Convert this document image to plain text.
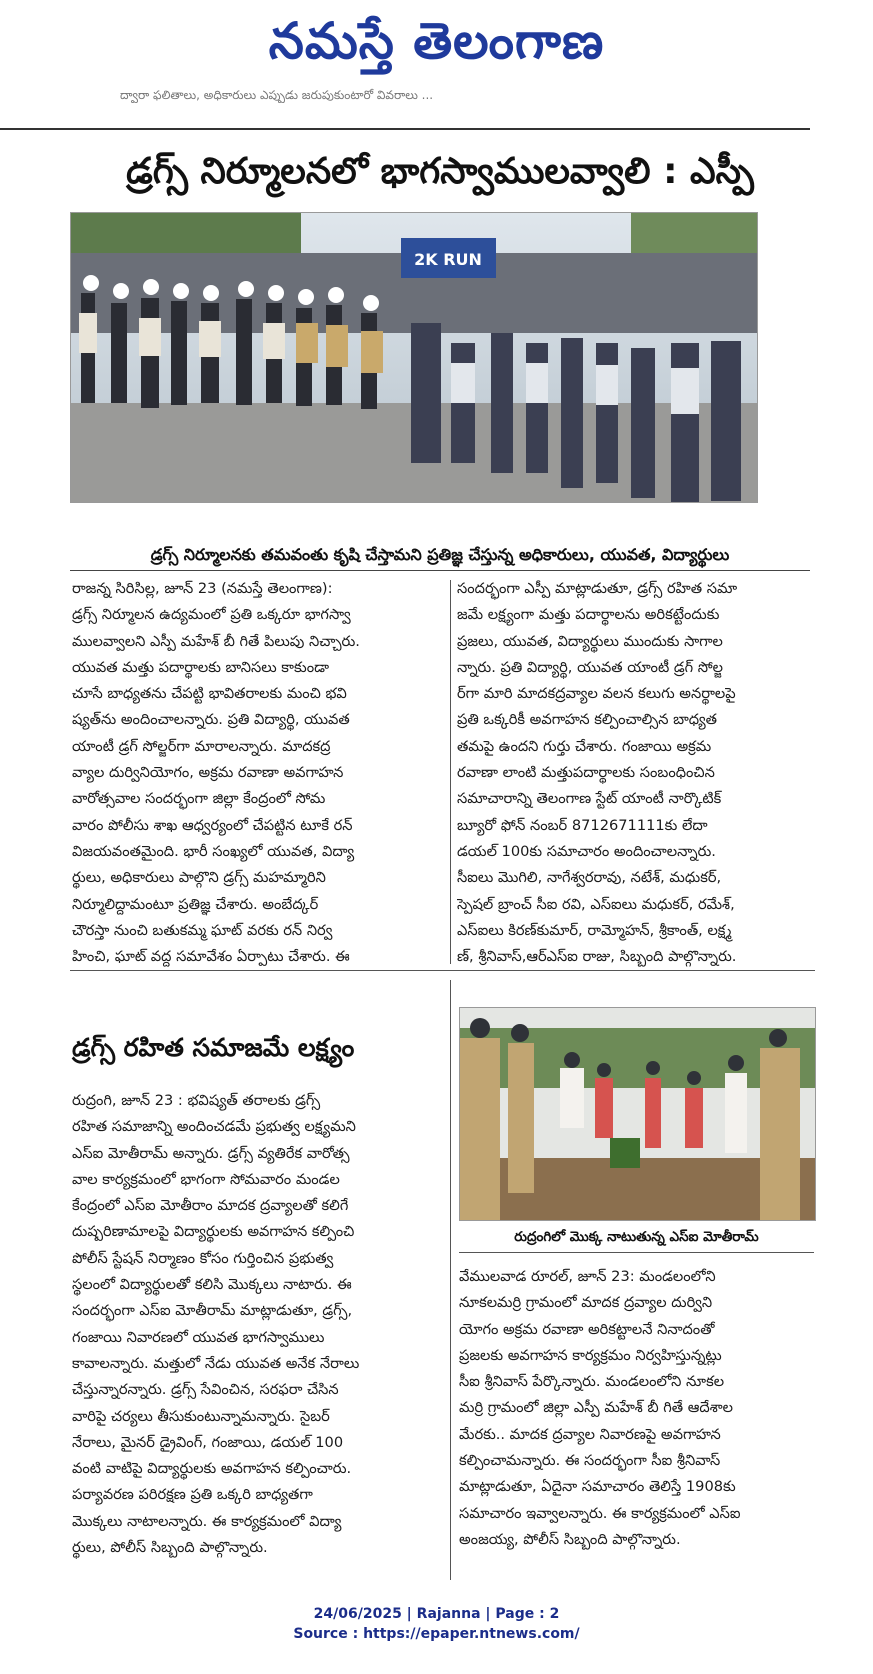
నమస్తే తెలంగాణ
ద్వారా ఫలితాలు, అధికారులు ఎప్పుడు జరుపుకుంటారో వివరాలు ...
డ్రగ్స్ నిర్మూలనలో భాగస్వాములవ్వాలి : ఎస్పీ
2K RUN
డ్రగ్స్ నిర్మూలనకు తమవంతు కృషి చేస్తామని ప్రతిజ్ఞ చేస్తున్న అధికారులు, యువత, విద్యార్థులు
రాజన్న సిరిసిల్ల, జూన్ 23 (నమస్తే తెలంగాణ):
డ్రగ్స్ నిర్మూలన ఉద్యమంలో ప్రతి ఒక్కరూ భాగస్వా
ములవ్వాలని ఎస్పీ మహేశ్ బీ గితే పిలుపు నిచ్చారు.
యువత మత్తు పదార్థాలకు బానిసలు కాకుండా
చూసే బాధ్యతను చేపట్టి భావితరాలకు మంచి భవి
ష్యత్‌ను అందించాలన్నారు. ప్రతి విద్యార్థి, యువత
యాంటీ డ్రగ్ సోల్జర్‌గా మారాలన్నారు. మాదకద్ర
వ్యాల దుర్వినియోగం, అక్రమ రవాణా అవగాహన
వారోత్సవాల సందర్భంగా జిల్లా కేంద్రంలో సోమ
వారం పోలీసు శాఖ ఆధ్వర్యంలో చేపట్టిన టూకే రన్
విజయవంతమైంది. భారీ సంఖ్యలో యువత, విద్యా
ర్థులు, అధికారులు పాల్గొని డ్రగ్స్ మహమ్మారిని
నిర్మూలిద్దామంటూ ప్రతిజ్ఞ చేశారు. అంబేద్కర్
చౌరస్తా నుంచి బతుకమ్మ ఘాట్ వరకు రన్ నిర్వ
హించి, ఘాట్ వద్ద సమావేశం ఏర్పాటు చేశారు. ఈ
సందర్భంగా ఎస్పీ మాట్లాడుతూ, డ్రగ్స్ రహిత సమా
జమే లక్ష్యంగా మత్తు పదార్థాలను అరికట్టేందుకు
ప్రజలు, యువత, విద్యార్థులు ముందుకు సాగాల
న్నారు. ప్రతి విద్యార్థి, యువత యాంటీ డ్రగ్ సోల్జ
ర్‌గా మారి మాదకద్రవ్యాల వలన కలుగు అనర్థాలపై
ప్రతి ఒక్కరికీ అవగాహన కల్పించాల్సిన బాధ్యత
తమపై ఉందని గుర్తు చేశారు. గంజాయి అక్రమ
రవాణా లాంటి మత్తుపదార్థాలకు సంబంధించిన
సమాచారాన్ని తెలంగాణ స్టేట్ యాంటీ నార్కొటిక్
బ్యూరో ఫోన్ నంబర్ 8712671111కు లేదా
డయల్ 100కు సమాచారం అందించాలన్నారు.
సీఐలు మొగిలి, నాగేశ్వరరావు, నటేశ్, మధుకర్,
స్పెషల్ బ్రాంచ్ సీఐ రవి, ఎస్‌ఐలు మధుకర్, రమేశ్,
ఎస్‌ఐలు కిరణ్‌కుమార్, రామ్మోహన్, శ్రీకాంత్, లక్ష్మ
ణ్, శ్రీనివాస్,ఆర్‌ఎస్‌ఐ రాజు, సిబ్బంది పాల్గొన్నారు.
డ్రగ్స్ రహిత సమాజమే లక్ష్యం
రుద్రంగి, జూన్ 23 : భవిష్యత్ తరాలకు డ్రగ్స్
రహిత సమాజాన్ని అందించడమే ప్రభుత్వ లక్ష్యమని
ఎస్‌ఐ మోతీరామ్ అన్నారు. డ్రగ్స్ వ్యతిరేక వారోత్స
వాల కార్యక్రమంలో భాగంగా సోమవారం మండల
కేంద్రంలో ఎస్‌ఐ మోతీరాం మాదక ద్రవ్యాలతో కలిగే
దుష్పరిణామాలపై విద్యార్థులకు అవగాహన కల్పించి
పోలీస్ స్టేషన్ నిర్మాణం కోసం గుర్తించిన ప్రభుత్వ
స్థలంలో విద్యార్థులతో కలిసి మొక్కలు నాటారు. ఈ
సందర్భంగా ఎస్‌ఐ మోతీరామ్ మాట్లాడుతూ, డ్రగ్స్,
గంజాయి నివారణలో యువత భాగస్వాములు
కావాలన్నారు. మత్తులో నేడు యువత అనేక నేరాలు
చేస్తున్నారన్నారు. డ్రగ్స్ సేవించిన, సరఫరా చేసిన
వారిపై చర్యలు తీసుకుంటున్నామన్నారు. సైబర్
నేరాలు, మైనర్ డ్రైవింగ్, గంజాయి, డయల్ 100
వంటి వాటిపై విద్యార్థులకు అవగాహన కల్పించారు.
పర్యావరణ పరిరక్షణ ప్రతి ఒక్కరి బాధ్యతగా
మొక్కలు నాటాలన్నారు. ఈ కార్యక్రమంలో విద్యా
ర్థులు, పోలీస్ సిబ్బంది పాల్గొన్నారు.
రుద్రంగిలో మొక్క నాటుతున్న ఎస్‌ఐ మోతీరామ్
వేములవాడ రూరల్, జూన్ 23: మండలంలోని
నూకలమర్రి గ్రామంలో మాదక ద్రవ్యాల దుర్విని
యోగం అక్రమ రవాణా అరికట్టాలనే నినాదంతో
ప్రజలకు అవగాహన కార్యక్రమం నిర్వహిస్తున్నట్లు
సీఐ శ్రీనివాస్ పేర్కొన్నారు. మండలంలోని నూకల
మర్రి గ్రామంలో జిల్లా ఎస్పీ మహేశ్ బీ గితే ఆదేశాల
మేరకు.. మాదక ద్రవ్యాల నివారణపై అవగాహన
కల్పించామన్నారు. ఈ సందర్భంగా సీఐ శ్రీనివాస్
మాట్లాడుతూ, ఏదైనా సమాచారం తెలిస్తే 1908కు
సమాచారం ఇవ్వాలన్నారు. ఈ కార్యక్రమంలో ఎస్‌ఐ
అంజయ్య, పోలీస్ సిబ్బంది పాల్గొన్నారు.
24/06/2025 | Rajanna | Page : 2
Source : https://epaper.ntnews.com/
